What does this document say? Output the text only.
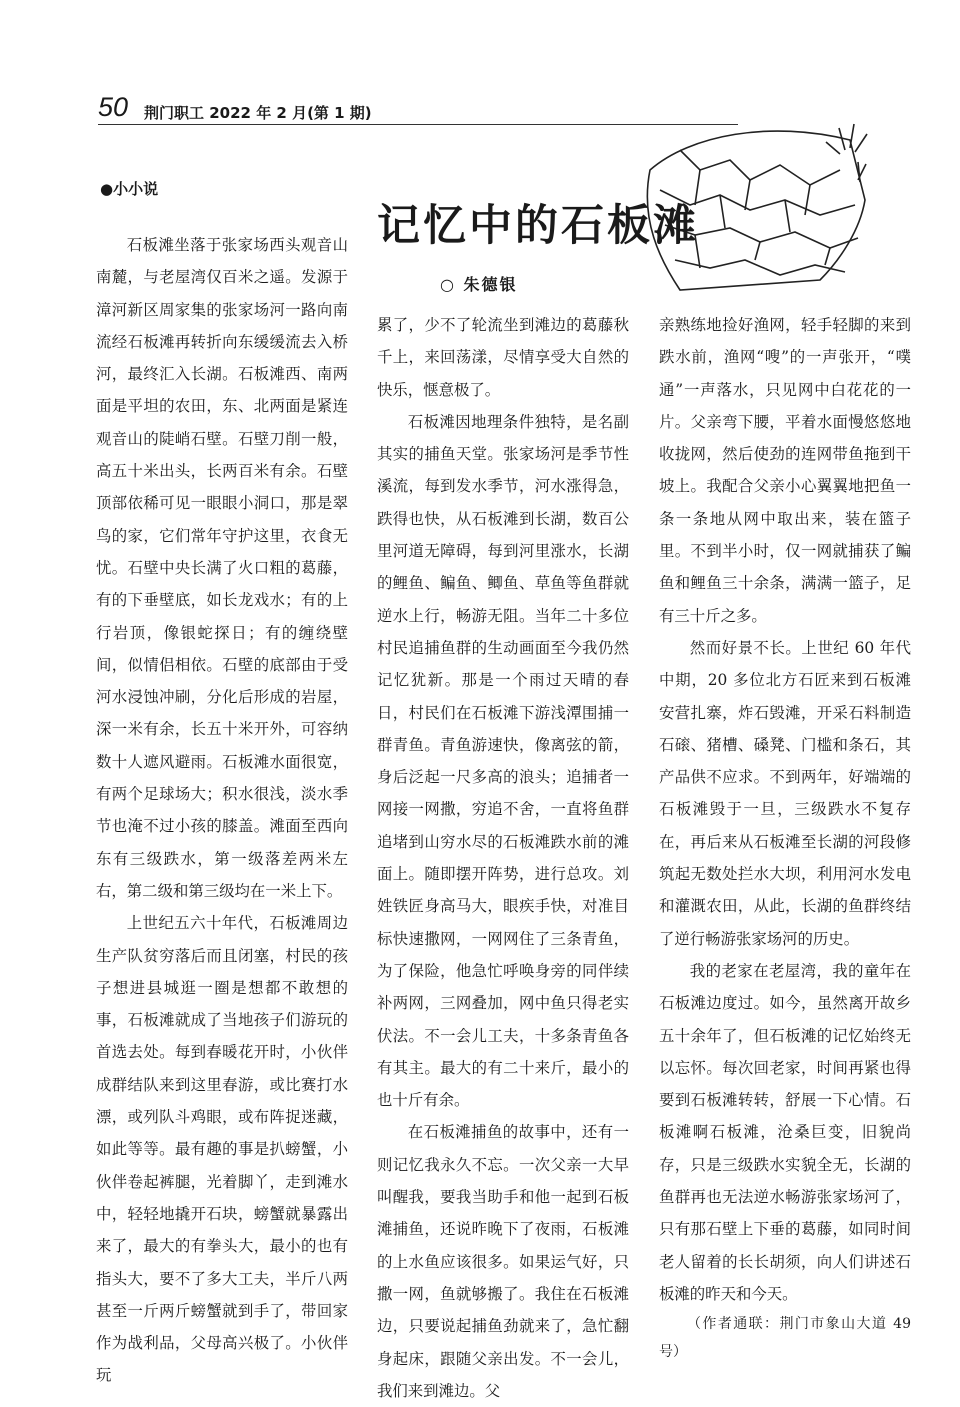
50 荆门职工 2022 年 2 月(第 1 期)
●小小说
记忆中的石板滩
○ 朱德银

石板滩坐落于张家场西头观音山南麓，与老屋湾仅百米之遥。发源于漳河新区周家集的张家场河一路向南流经石板滩再转折向东缓缓流去入桥河，最终汇入长湖。石板滩西、南两面是平坦的农田，东、北两面是紧连观音山的陡峭石壁。石壁刀削一般，高五十米出头，长两百米有余。石壁顶部依稀可见一眼眼小洞口，那是翠鸟的家，它们常年守护这里，衣食无忧。石壁中央长满了火口粗的葛藤，有的下垂壁底，如长龙戏水；有的上行岩顶，像银蛇探日；有的缠绕壁间，似情侣相依。石壁的底部由于受河水浸蚀冲刷，分化后形成的岩屋，深一米有余，长五十米开外，可容纳数十人遮风避雨。石板滩水面很宽，有两个足球场大；积水很浅，淡水季节也淹不过小孩的膝盖。滩面至西向东有三级跌水，第一级落差两米左右，第二级和第三级均在一米上下。

上世纪五六十年代，石板滩周边生产队贫穷落后而且闭塞，村民的孩子想进县城逛一圈是想都不敢想的事，石板滩就成了当地孩子们游玩的首选去处。每到春暖花开时，小伙伴成群结队来到这里春游，或比赛打水漂，或列队斗鸡眼，或布阵捉迷藏，如此等等。最有趣的事是扒螃蟹，小伙伴卷起裤腿，光着脚丫，走到滩水中，轻轻地撬开石块，螃蟹就暴露出来了，最大的有拳头大，最小的也有指头大，要不了多大工夫，半斤八两甚至一斤两斤螃蟹就到手了，带回家作为战利品，父母高兴极了。小伙伴玩

累了，少不了轮流坐到滩边的葛藤秋千上，来回荡漾，尽情享受大自然的快乐，惬意极了。

石板滩因地理条件独特，是名副其实的捕鱼天堂。张家场河是季节性溪流，每到发水季节，河水涨得急，跌得也快，从石板滩到长湖，数百公里河道无障碍，每到河里涨水，长湖的鲤鱼、鳊鱼、鲫鱼、草鱼等鱼群就逆水上行，畅游无阻。当年二十多位村民追捕鱼群的生动画面至今我仍然记忆犹新。那是一个雨过天晴的春日，村民们在石板滩下游浅潭围捕一群青鱼。青鱼游速快，像离弦的箭，身后泛起一尺多高的浪头；追捕者一网接一网撒，穷追不舍，一直将鱼群追堵到山穷水尽的石板滩跌水前的滩面上。随即摆开阵势，进行总攻。刘姓铁匠身高马大，眼疾手快，对准目标快速撒网，一网网住了三条青鱼，为了保险，他急忙呼唤身旁的同伴续补两网，三网叠加，网中鱼只得老实伏法。不一会儿工夫，十多条青鱼各有其主。最大的有二十来斤，最小的也十斤有余。

在石板滩捕鱼的故事中，还有一则记忆我永久不忘。一次父亲一大早叫醒我，要我当助手和他一起到石板滩捕鱼，还说昨晚下了夜雨，石板滩的上水鱼应该很多。如果运气好，只撒一网，鱼就够搬了。我住在石板滩边，只要说起捕鱼劲就来了，急忙翻身起床，跟随父亲出发。不一会儿，我们来到滩边。父

亲熟练地捡好渔网，轻手轻脚的来到跌水前，渔网“嗖”的一声张开，“噗通”一声落水，只见网中白花花的一片。父亲弯下腰，平着水面慢悠悠地收拢网，然后使劲的连网带鱼拖到干坡上。我配合父亲小心翼翼地把鱼一条一条地从网中取出来，装在篮子里。不到半小时，仅一网就捕获了鳊鱼和鲤鱼三十余条，满满一篮子，足有三十斤之多。

然而好景不长。上世纪 60 年代中期，20 多位北方石匠来到石板滩安营扎寨，炸石毁滩，开采石料制造石磙、猪槽、磉凳、门槛和条石，其产品供不应求。不到两年，好端端的石板滩毁于一旦，三级跌水不复存在，再后来从石板滩至长湖的河段修筑起无数处拦水大坝，利用河水发电和灌溉农田，从此，长湖的鱼群终结了逆行畅游张家场河的历史。

我的老家在老屋湾，我的童年在石板滩边度过。如今，虽然离开故乡五十余年了，但石板滩的记忆始终无以忘怀。每次回老家，时间再紧也得要到石板滩转转，舒展一下心情。石板滩啊石板滩，沧桑巨变，旧貌尚存，只是三级跌水实貌全无，长湖的鱼群再也无法逆水畅游张家场河了，只有那石壁上下垂的葛藤，如同时间老人留着的长长胡须，向人们讲述石板滩的昨天和今天。

（作者通联：荆门市象山大道 49 号）
